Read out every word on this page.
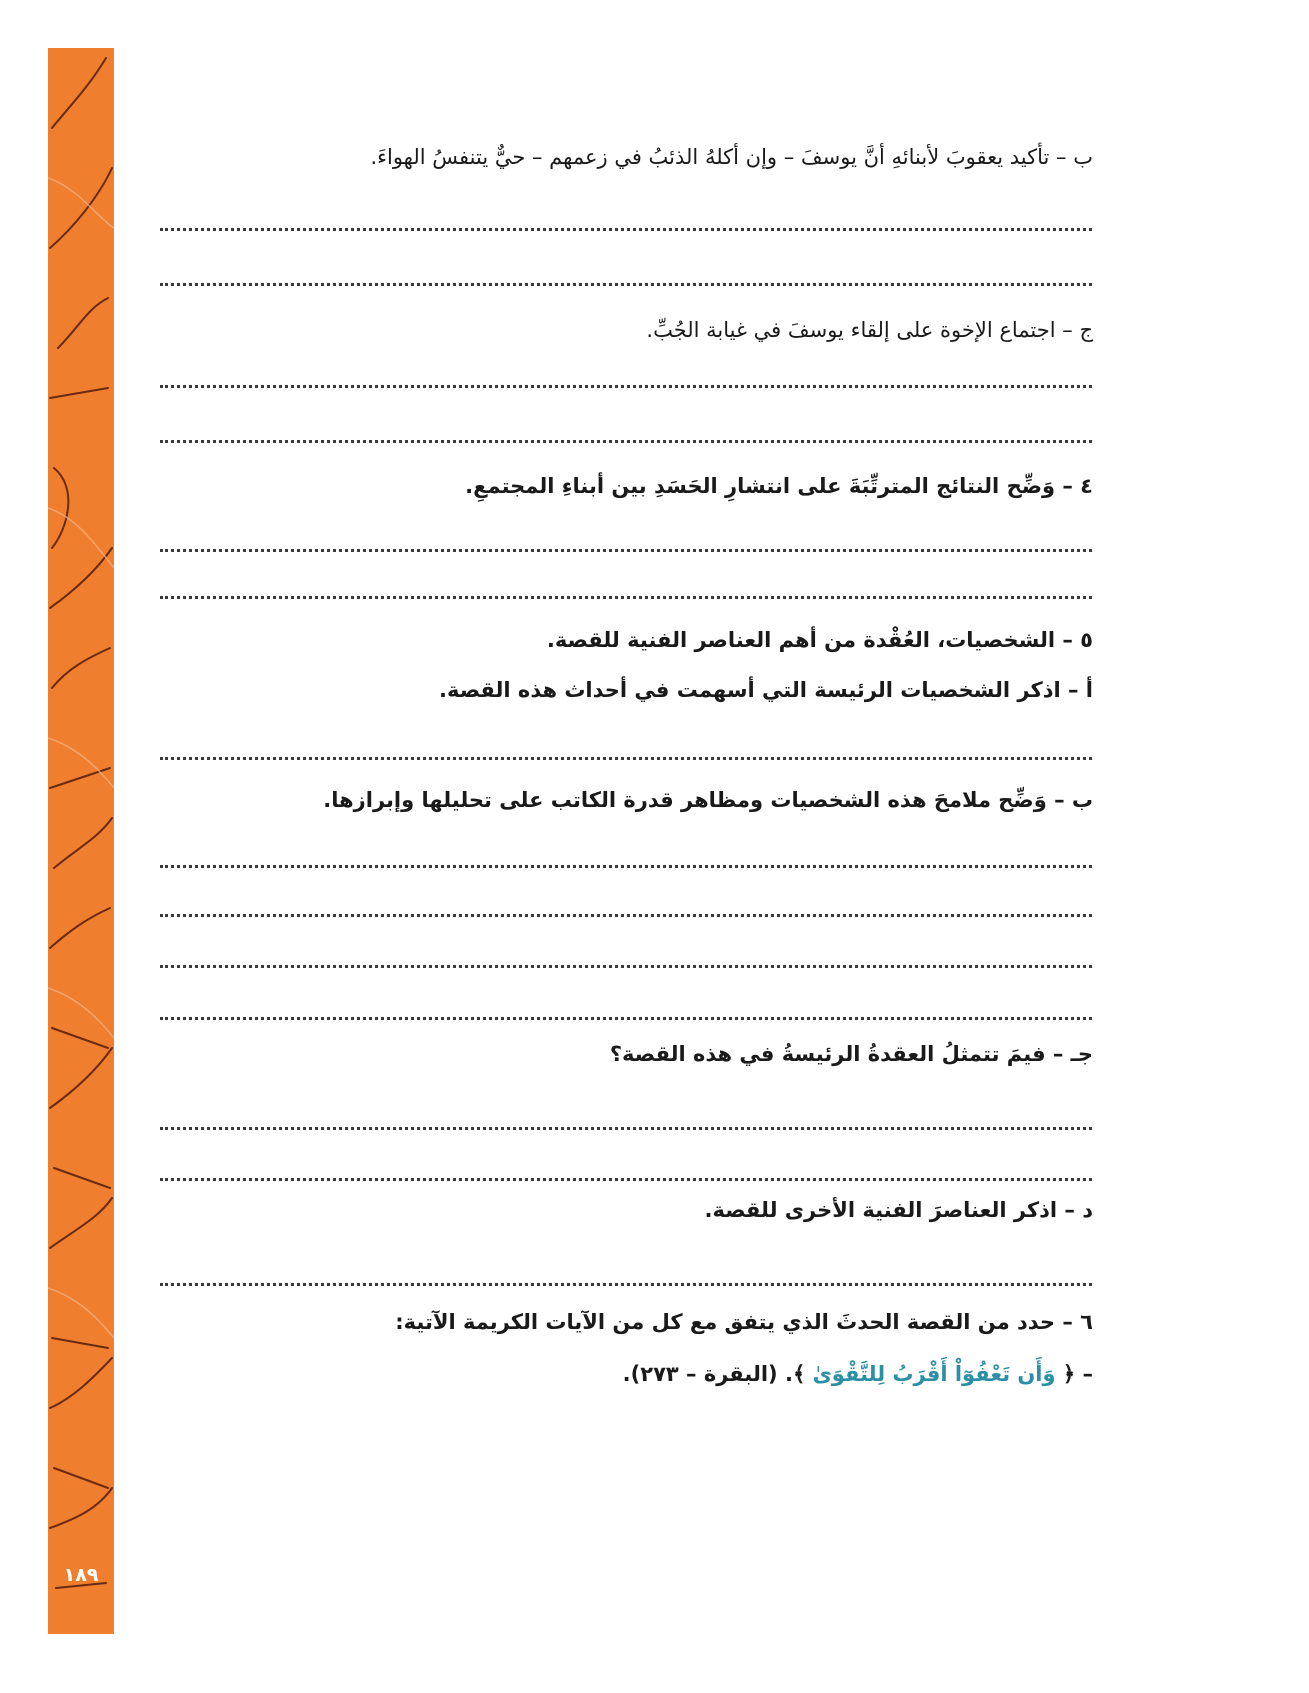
١٨٩
ب – تأكيد يعقوبَ لأبنائهِ أنَّ يوسفَ – وإن أكلهُ الذئبُ في زعمهم – حيٌّ يتنفسُ الهواءَ.
ج – اجتماع الإخوة على إلقاء يوسفَ في غيابة الجُبِّ.
٤ – وَضِّح النتائج المترتِّبَةَ على انتشارِ الحَسَدِ بين أبناءِ المجتمعِ.
٥ – الشخصيات، العُقْدة من أهم العناصر الفنية للقصة.
أ – اذكر الشخصيات الرئيسة التي أسهمت في أحداث هذه القصة.
ب – وَضِّح ملامحَ هذه الشخصيات ومظاهر قدرة الكاتب على تحليلها وإبرازها.
جـ – فيمَ تتمثلُ العقدةُ الرئيسةُ في هذه القصة؟
د – اذكر العناصرَ الفنية الأخرى للقصة.
٦ – حدد من القصة الحدثَ الذي يتفق مع كل من الآيات الكريمة الآتية:
– ﴿ وَأَن تَعْفُوٓاْ أَقْرَبُ لِلتَّقْوَىٰ ﴾. (البقرة – ٢٧٣).
